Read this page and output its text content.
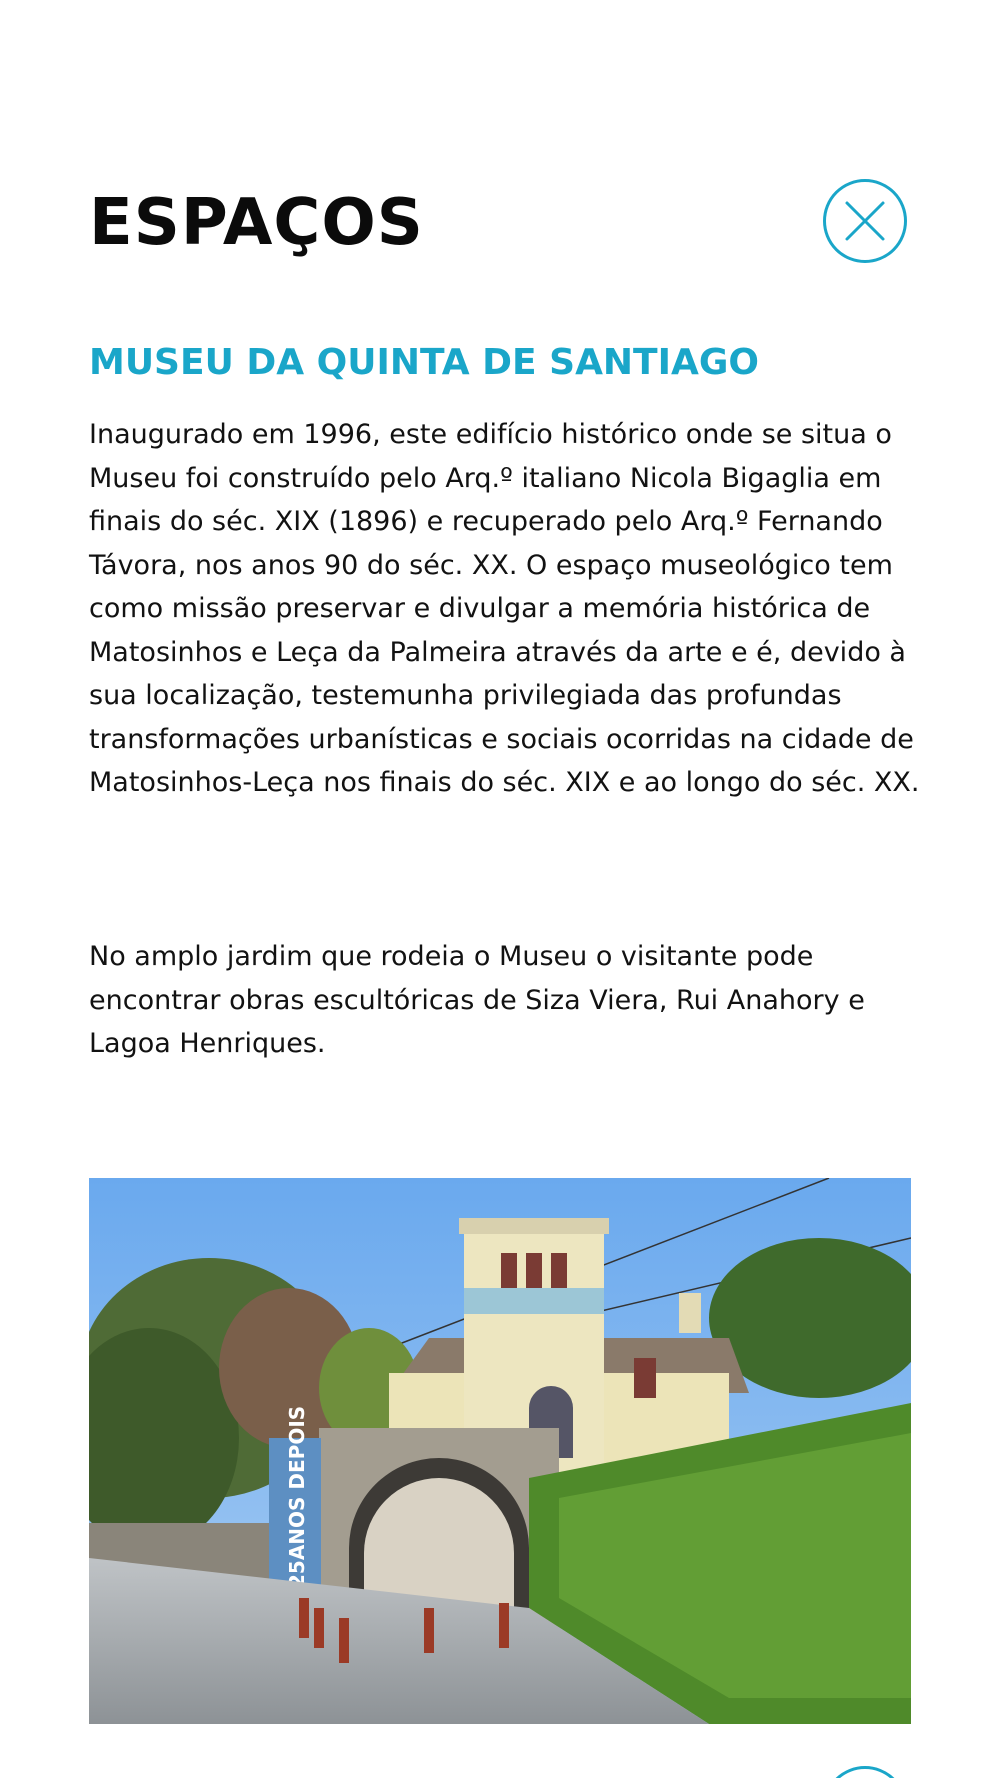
ESPAÇOS
MUSEU DA QUINTA DE SANTIAGO

Inaugurado em 1996, este edifício histórico onde se situa o Museu foi construído pelo Arq.º italiano Nicola Bigaglia em finais do séc. XIX (1896) e recuperado pelo Arq.º Fernando Távora, nos anos 90 do séc. XX. O espaço museológico tem como missão preservar e divulgar a memória histórica de Matosinhos e Leça da Palmeira através da arte e é, devido à sua localização, testemunha privilegiada das profundas transformações urbanísticas e sociais ocorridas na cidade de Matosinhos-Leça nos finais do séc. XIX e ao longo do séc. XX.

No amplo jardim que rodeia o Museu o visitante pode encontrar obras escultóricas de Siza Viera, Rui Anahory e Lagoa Henriques.

25ANOS DEPOIS
